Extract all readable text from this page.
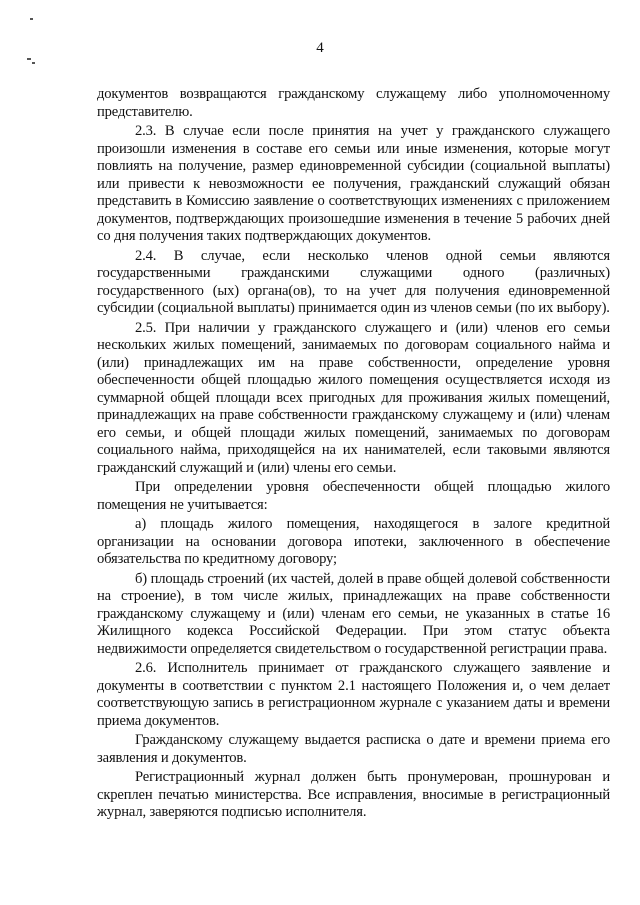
4

документов возвращаются гражданскому служащему либо уполномоченному представителю.

2.3. В случае если после принятия на учет у гражданского служащего произошли изменения в составе его семьи или иные изменения, которые могут повлиять на получение, размер единовременной субсидии (социальной выплаты) или привести к невозможности ее получения, гражданский служащий обязан представить в Комиссию заявление о соответствующих изменениях с приложением документов, подтверждающих произошедшие изменения в течение 5 рабочих дней со дня получения таких подтверждающих документов.

2.4. В случае, если несколько членов одной семьи являются государственными гражданскими служащими одного (различных) государственного (ых) органа(ов), то на учет для получения единовременной субсидии (социальной выплаты) принимается один из членов семьи (по их выбору).

2.5. При наличии у гражданского служащего и (или) членов его семьи нескольких жилых помещений, занимаемых по договорам социального найма и (или) принадлежащих им на праве собственности, определение уровня обеспеченности общей площадью жилого помещения осуществляется исходя из суммарной общей площади всех пригодных для проживания жилых помещений, принадлежащих на праве собственности гражданскому служащему и (или) членам его семьи, и общей площади жилых помещений, занимаемых по договорам социального найма, приходящейся на их нанимателей, если таковыми являются гражданский служащий и (или) члены его семьи.

При определении уровня обеспеченности общей площадью жилого помещения не учитывается:

а) площадь жилого помещения, находящегося в залоге кредитной организации на основании договора ипотеки, заключенного в обеспечение обязательства по кредитному договору;

б) площадь строений (их частей, долей в праве общей долевой собственности на строение), в том числе жилых, принадлежащих на праве собственности гражданскому служащему и (или) членам его семьи, не указанных в статье 16 Жилищного кодекса Российской Федерации. При этом статус объекта недвижимости определяется свидетельством о государственной регистрации права.

2.6. Исполнитель принимает от гражданского служащего заявление и документы в соответствии с пунктом 2.1 настоящего Положения и, о чем делает соответствующую запись в регистрационном журнале с указанием даты и времени приема документов.

Гражданскому служащему выдается расписка о дате и времени приема его заявления и документов.

Регистрационный журнал должен быть пронумерован, прошнурован и скреплен печатью министерства. Все исправления, вносимые в регистрационный журнал, заверяются подписью исполнителя.
